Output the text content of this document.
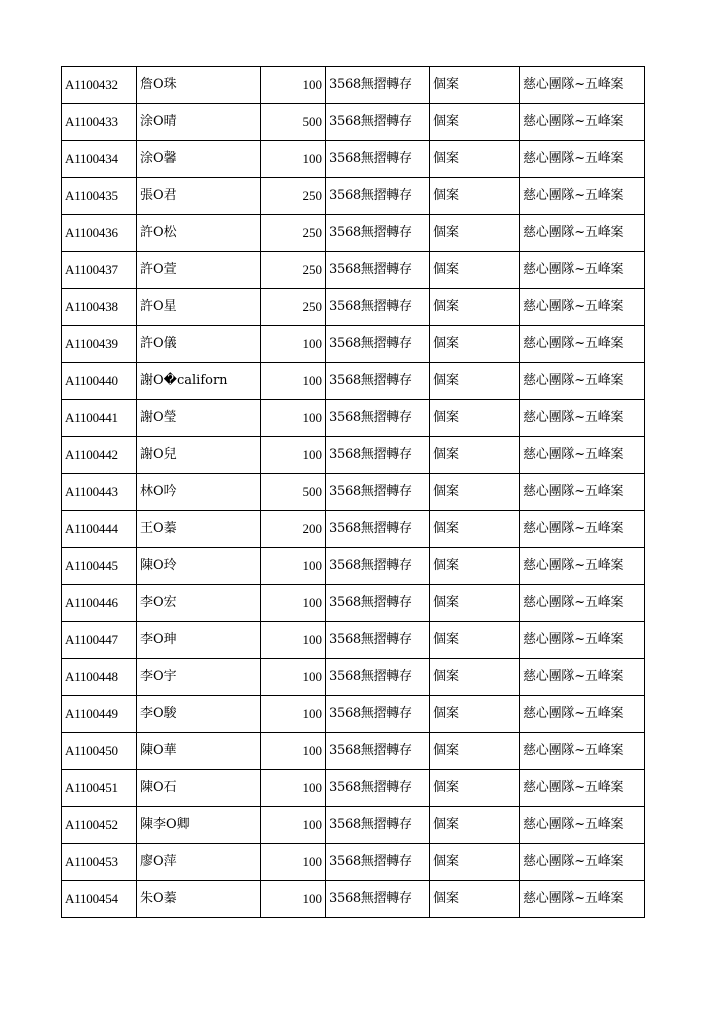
A1100432	詹O珠	100	3568無摺轉存	個案	慈心團隊~五峰案
A1100433	涂O晴	500	3568無摺轉存	個案	慈心團隊~五峰案
A1100434	涂O馨	100	3568無摺轉存	個案	慈心團隊~五峰案
A1100435	張O君	250	3568無摺轉存	個案	慈心團隊~五峰案
A1100436	許O松	250	3568無摺轉存	個案	慈心團隊~五峰案
A1100437	許O萱	250	3568無摺轉存	個案	慈心團隊~五峰案
A1100438	許O星	250	3568無摺轉存	個案	慈心團隊~五峰案
A1100439	許O儀	100	3568無摺轉存	個案	慈心團隊~五峰案
A1100440	謝O�californ	100	3568無摺轉存	個案	慈心團隊~五峰案
A1100441	謝O瑩	100	3568無摺轉存	個案	慈心團隊~五峰案
A1100442	謝O兒	100	3568無摺轉存	個案	慈心團隊~五峰案
A1100443	林O吟	500	3568無摺轉存	個案	慈心團隊~五峰案
A1100444	王O蓁	200	3568無摺轉存	個案	慈心團隊~五峰案
A1100445	陳O玲	100	3568無摺轉存	個案	慈心團隊~五峰案
A1100446	李O宏	100	3568無摺轉存	個案	慈心團隊~五峰案
A1100447	李O珅	100	3568無摺轉存	個案	慈心團隊~五峰案
A1100448	李O宇	100	3568無摺轉存	個案	慈心團隊~五峰案
A1100449	李O駿	100	3568無摺轉存	個案	慈心團隊~五峰案
A1100450	陳O華	100	3568無摺轉存	個案	慈心團隊~五峰案
A1100451	陳O石	100	3568無摺轉存	個案	慈心團隊~五峰案
A1100452	陳李O卿	100	3568無摺轉存	個案	慈心團隊~五峰案
A1100453	廖O萍	100	3568無摺轉存	個案	慈心團隊~五峰案
A1100454	朱O蓁	100	3568無摺轉存	個案	慈心團隊~五峰案
